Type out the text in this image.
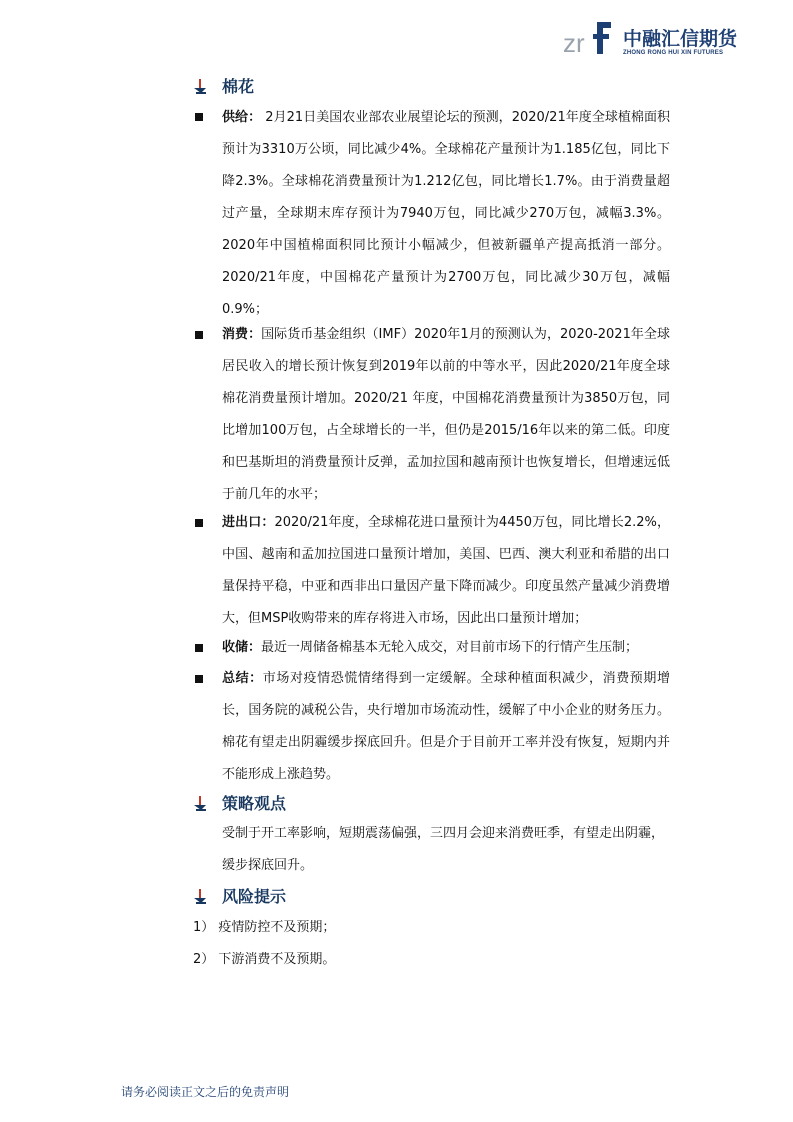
zr 中融汇信期货
ZHONG RONG HUI XIN FUTURES
棉花
供给： 2月21日美国农业部农业展望论坛的预测，2020/21年度全球植棉面积预计为3310万公顷，同比减少4%。全球棉花产量预计为1.185亿包，同比下降2.3%。全球棉花消费量预计为1.212亿包，同比增长1.7%。由于消费量超过产量，全球期末库存预计为7940万包，同比减少270万包，减幅3.3%。2020年中国植棉面积同比预计小幅减少，但被新疆单产提高抵消一部分。2020/21年度，中国棉花产量预计为2700万包，同比减少30万包，减幅0.9%；
消费：国际货币基金组织（IMF）2020年1月的预测认为，2020-2021年全球居民收入的增长预计恢复到2019年以前的中等水平，因此2020/21年度全球棉花消费量预计增加。2020/21 年度，中国棉花消费量预计为3850万包，同比增加100万包，占全球增长的一半，但仍是2015/16年以来的第二低。印度和巴基斯坦的消费量预计反弹，孟加拉国和越南预计也恢复增长，但增速远低于前几年的水平；
进出口：2020/21年度，全球棉花进口量预计为4450万包，同比增长2.2%，中国、越南和孟加拉国进口量预计增加，美国、巴西、澳大利亚和希腊的出口量保持平稳，中亚和西非出口量因产量下降而减少。印度虽然产量减少消费增大，但MSP收购带来的库存将进入市场，因此出口量预计增加；
收储：最近一周储备棉基本无轮入成交，对目前市场下的行情产生压制；
总结：市场对疫情恐慌情绪得到一定缓解。全球种植面积减少，消费预期增长，国务院的减税公告，央行增加市场流动性，缓解了中小企业的财务压力。棉花有望走出阴霾缓步探底回升。但是介于目前开工率并没有恢复，短期内并不能形成上涨趋势。
策略观点
受制于开工率影响，短期震荡偏强，三四月会迎来消费旺季，有望走出阴霾，缓步探底回升。
风险提示
1） 疫情防控不及预期；
2） 下游消费不及预期。
请务必阅读正文之后的免责声明
